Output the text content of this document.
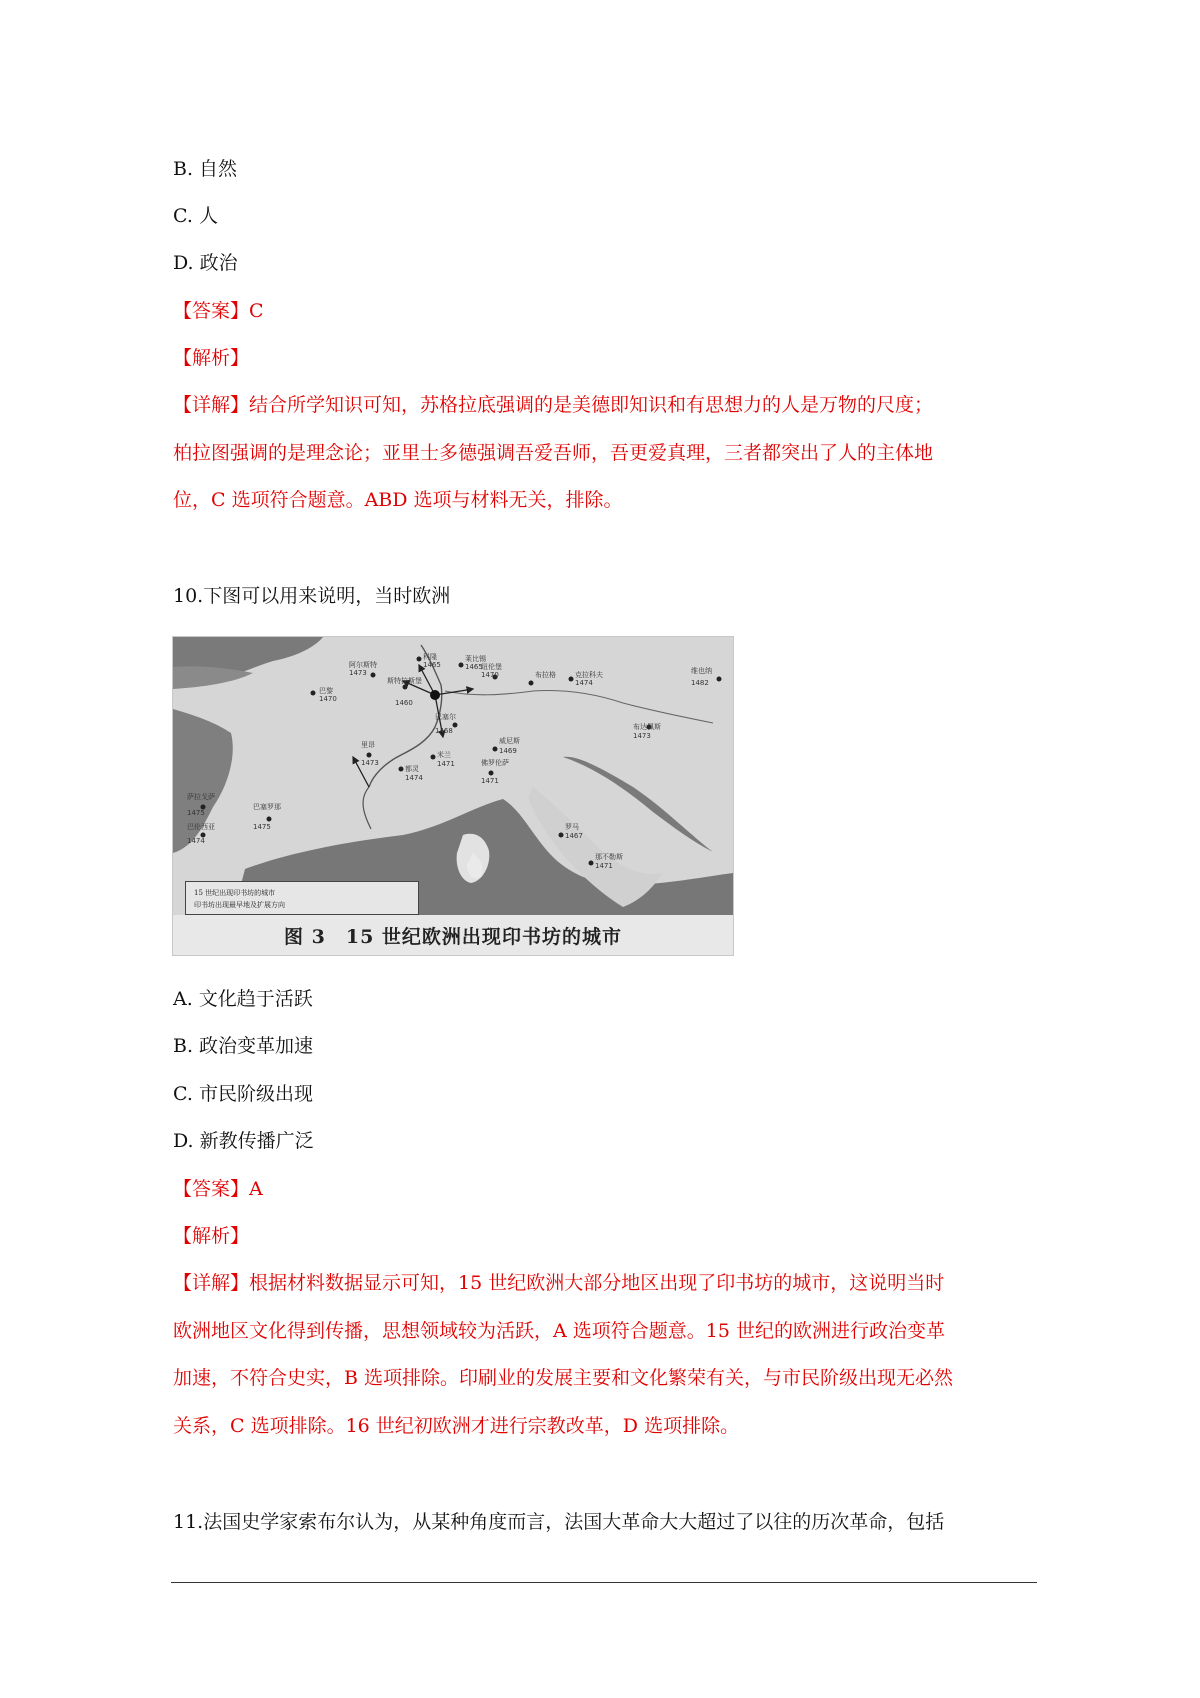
B. 自然
C. 人
D. 政治
【答案】C
【解析】
【详解】结合所学知识可知，苏格拉底强调的是美德即知识和有思想力的人是万物的尺度；
柏拉图强调的是理念论；亚里士多德强调吾爱吾师，吾更爱真理，三者都突出了人的主体地
位，C 选项符合题意。ABD 选项与材料无关，排除。
10.下图可以用来说明，当时欧洲
科隆
1465
斯特拉斯堡
1460
巴塞尔
1468
里昂
1473
巴黎
1470
威尼斯
1469
罗马
1467
那不勒斯
1471
巴塞罗那
1475
萨拉戈萨
1475
巴伦西亚
1474
纽伦堡
1470	克拉科夫
1474
布达佩斯
1473
佛罗伦萨
1471
米兰
1471
都灵
1474
阿尔斯特
1473
莱比锡
1465
布拉格	维也纳
1482
15 世纪出现印书坊的城市
印书坊出现最早地及扩展方向
图 3　15 世纪欧洲出现印书坊的城市
A. 文化趋于活跃
B. 政治变革加速
C. 市民阶级出现
D. 新教传播广泛
【答案】A
【解析】
【详解】根据材料数据显示可知，15 世纪欧洲大部分地区出现了印书坊的城市，这说明当时
欧洲地区文化得到传播，思想领域较为活跃，A 选项符合题意。15 世纪的欧洲进行政治变革
加速，不符合史实，B 选项排除。印刷业的发展主要和文化繁荣有关，与市民阶级出现无必然
关系，C 选项排除。16 世纪初欧洲才进行宗教改革，D 选项排除。
11.法国史学家索布尔认为，从某种角度而言，法国大革命大大超过了以往的历次革命，包括
